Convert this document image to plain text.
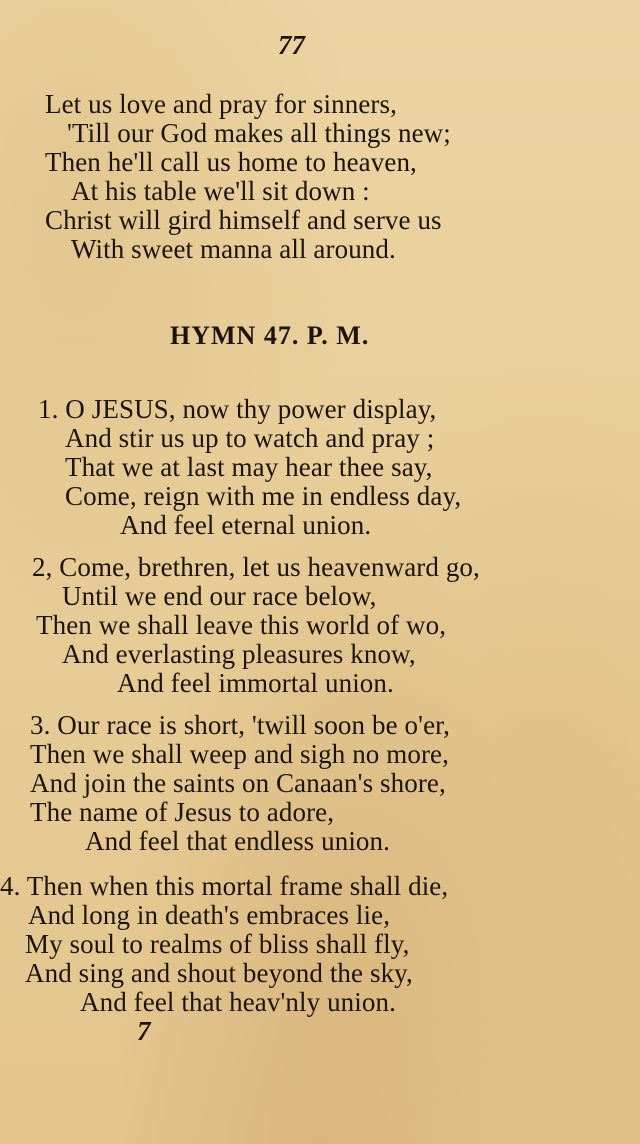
77
Let us love and pray for sinners,
'Till our God makes all things new;
Then he'll call us home to heaven,
At his table we'll sit down :
Christ will gird himself and serve us
With sweet manna all around.
HYMN 47. P. M.
1. O JESUS, now thy power display,
And stir us up to watch and pray ;
That we at last may hear thee say,
Come, reign with me in endless day,
And feel eternal union.
2, Come, brethren, let us heavenward go,
Until we end our race below,
Then we shall leave this world of wo,
And everlasting pleasures know,
And feel immortal union.
3. Our race is short, 'twill soon be o'er,
Then we shall weep and sigh no more,
And join the saints on Canaan's shore,
The name of Jesus to adore,
And feel that endless union.
4. Then when this mortal frame shall die,
And long in death's embraces lie,
My soul to realms of bliss shall fly,
And sing and shout beyond the sky,
And feel that heav'nly union.
7
